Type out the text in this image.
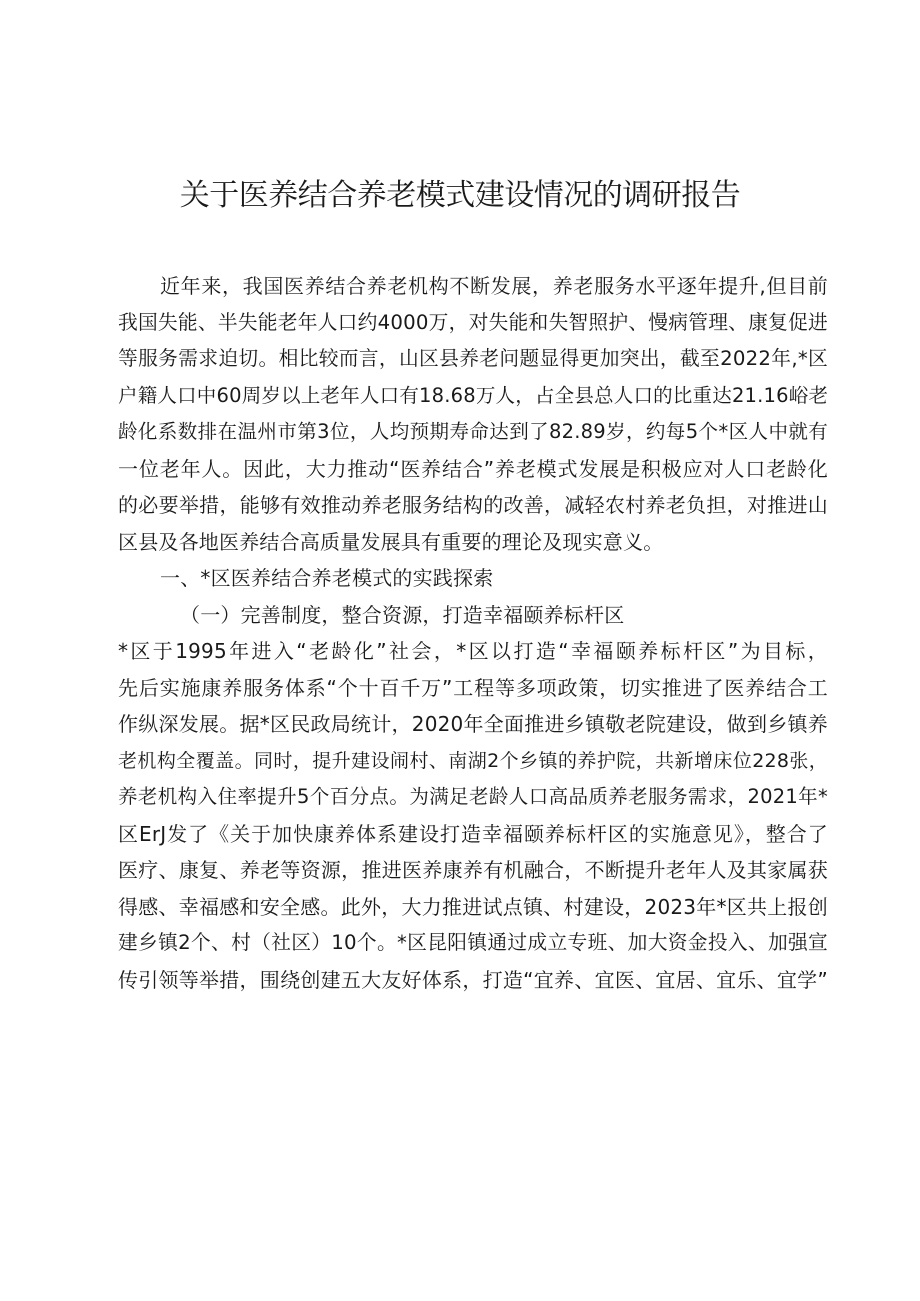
关于医养结合养老模式建设情况的调研报告
近年来，我国医养结合养老机构不断发展，养老服务水平逐年提升,但目前
我国失能、半失能老年人口约4000万，对失能和失智照护、慢病管理、康复促进
等服务需求迫切。相比较而言，山区县养老问题显得更加突出，截至2022年,*区
户籍人口中60周岁以上老年人口有18.68万人，占全县总人口的比重达21.16峪老
龄化系数排在温州市第3位，人均预期寿命达到了82.89岁，约每5个*区人中就有
一位老年人。因此，大力推动“医养结合”养老模式发展是积极应对人口老龄化
的必要举措，能够有效推动养老服务结构的改善，减轻农村养老负担，对推进山
区县及各地医养结合高质量发展具有重要的理论及现实意义。
一、*区医养结合养老模式的实践探索
（一）完善制度，整合资源，打造幸福颐养标杆区
*区于1995年进入“老龄化”社会，*区以打造“幸福颐养标杆区”为目标，
先后实施康养服务体系“个十百千万”工程等多项政策，切实推进了医养结合工
作纵深发展。据*区民政局统计，2020年全面推进乡镇敬老院建设，做到乡镇养
老机构全覆盖。同时，提升建设闹村、南湖2个乡镇的养护院，共新增床位228张，
养老机构入住率提升5个百分点。为满足老龄人口高品质养老服务需求，2021年*
区ErJ发了《关于加快康养体系建设打造幸福颐养标杆区的实施意见》，整合了
医疗、康复、养老等资源，推进医养康养有机融合，不断提升老年人及其家属获
得感、幸福感和安全感。此外，大力推进试点镇、村建设，2023年*区共上报创
建乡镇2个、村（社区）10个。*区昆阳镇通过成立专班、加大资金投入、加强宣
传引领等举措，围绕创建五大友好体系，打造“宜养、宜医、宜居、宜乐、宜学”
